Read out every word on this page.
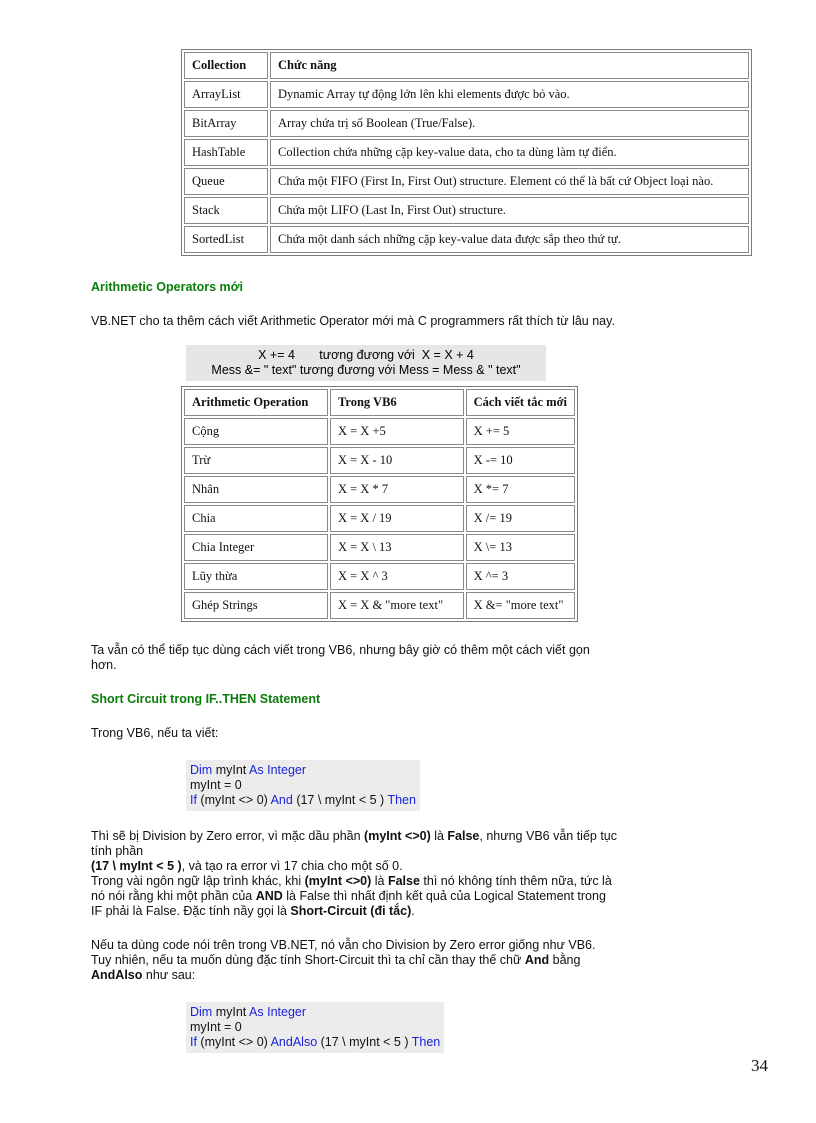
Collection	Chức năng
ArrayList	Dynamic Array tự động lớn lên khi elements được bỏ vào.
BitArray	Array chứa trị số Boolean (True/False).
HashTable	Collection chứa những cặp key-value data, cho ta dùng làm tự điển.
Queue	Chứa một FIFO (First In, First Out) structure. Element có thể là bất cứ Object loại nào.
Stack	Chứa một LIFO (Last In, First Out) structure.
SortedList	Chứa một danh sách những cặp key-value data được sắp theo thứ tự.
Arithmetic Operators mới

VB.NET cho ta thêm cách viết Arithmetic Operator mới mà C programmers rất thích từ lâu nay.

X += 4       tương đương với  X = X + 4
Mess &= " text" tương đương với Mess = Mess & " text"
Arithmetic Operation	Trong VB6	Cách viết tắc mới
Cộng	X = X +5	X += 5
Trừ	X = X - 10	X -= 10
Nhân	X = X * 7	X *= 7
Chia	X = X / 19	X /= 19
Chia Integer	X = X \ 13	X \= 13
Lũy thừa	X = X ^ 3	X ^= 3
Ghép Strings	X = X & "more text"	X &= "more text"

Ta vẫn có thể tiếp tục dùng cách viết trong VB6, nhưng bây giờ có thêm một cách viết gọn

hơn.

Short Circuit trong IF..THEN Statement

Trong VB6, nếu ta viết:

Dim myInt As Integer
myInt = 0
If (myInt <> 0) And (17 \ myInt < 5 ) Then

Thì sẽ bị Division by Zero error, vì mặc dầu phần (myInt <>0) là False, nhưng VB6 vẫn tiếp tục

tính phần

(17 \ myInt < 5 ), và tạo ra error vì 17 chia cho một số 0.

Trong vài ngôn ngữ lập trình khác, khi (myInt <>0) là False thì nó không tính thêm nữa, tức là

nó nói rằng khi một phần của AND là False thì nhất định kết quả của Logical Statement trong

IF phải là False. Đặc tính nầy gọi là Short-Circuit (đi tắc).

Nếu ta dùng code nói trên trong VB.NET, nó vẫn cho Division by Zero error giống như VB6.

Tuy nhiên, nếu ta muốn dùng đặc tính Short-Circuit thì ta chỉ cần thay thế chữ And bằng

AndAlso như sau:

Dim myInt As Integer
myInt = 0
If (myInt <> 0) AndAlso (17 \ myInt < 5 ) Then
34
